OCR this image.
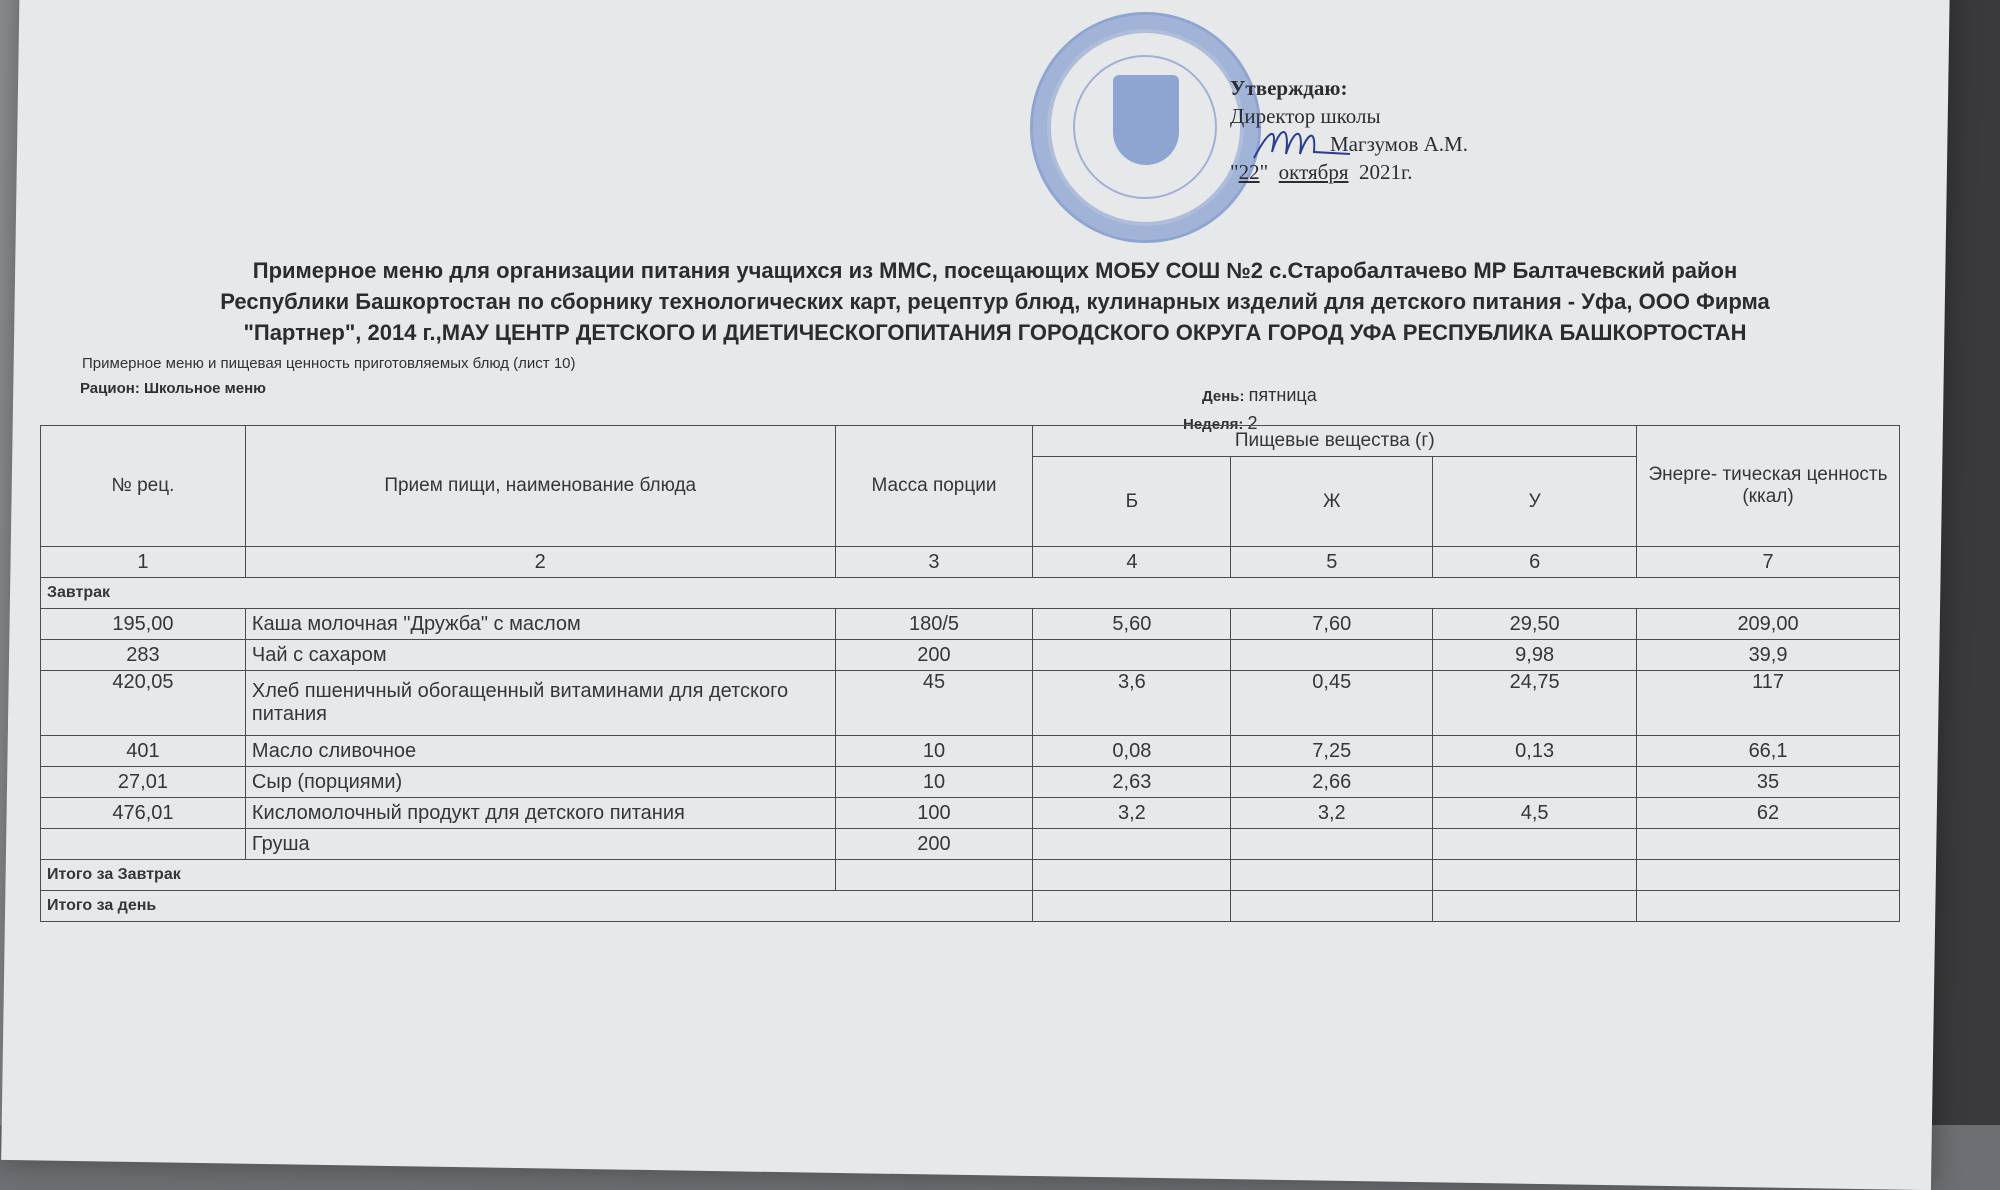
Утверждаю:
Директор школы
Магзумов А.М.
"22"  октября 2021г.
Примерное меню для организации питания учащихся из ММС, посещающих МОБУ СОШ №2 с.Старобалтачево МР Балтачевский район
Республики Башкортостан по сборнику технологических карт, рецептур блюд, кулинарных изделий для детского питания - Уфа, ООО Фирма
"Партнер", 2014 г.,МАУ ЦЕНТР ДЕТСКОГО И ДИЕТИЧЕСКОГОПИТАНИЯ ГОРОДСКОГО ОКРУГА ГОРОД УФА РЕСПУБЛИКА БАШКОРТОСТАН
Примерное меню и пищевая ценность приготовляемых блюд (лист 10)
Рацион: Школьное меню	День: пятница
Неделя: 2
№ рец.	Прием пищи, наименование блюда	Масса порции	Пищевые вещества (г)			Энерге- тическая ценность (ккал)
			Б	Ж	У	
1	2	3	4	5	6	7
Завтрак						
195,00	Каша молочная "Дружба" с маслом	180/5	5,60	7,60	29,50	209,00
283	Чай с сахаром	200			9,98	39,9
420,05	Хлеб пшеничный обогащенный витаминами для детского питания	45	3,6	0,45	24,75	117
401	Масло сливочное	10	0,08	7,25	0,13	66,1
27,01	Сыр (порциями)	10	2,63	2,66		35
476,01	Кисломолочный продукт для детского питания	100	3,2	3,2	4,5	62
	Груша	200				
Итого за Завтрак						
Итого за день						
